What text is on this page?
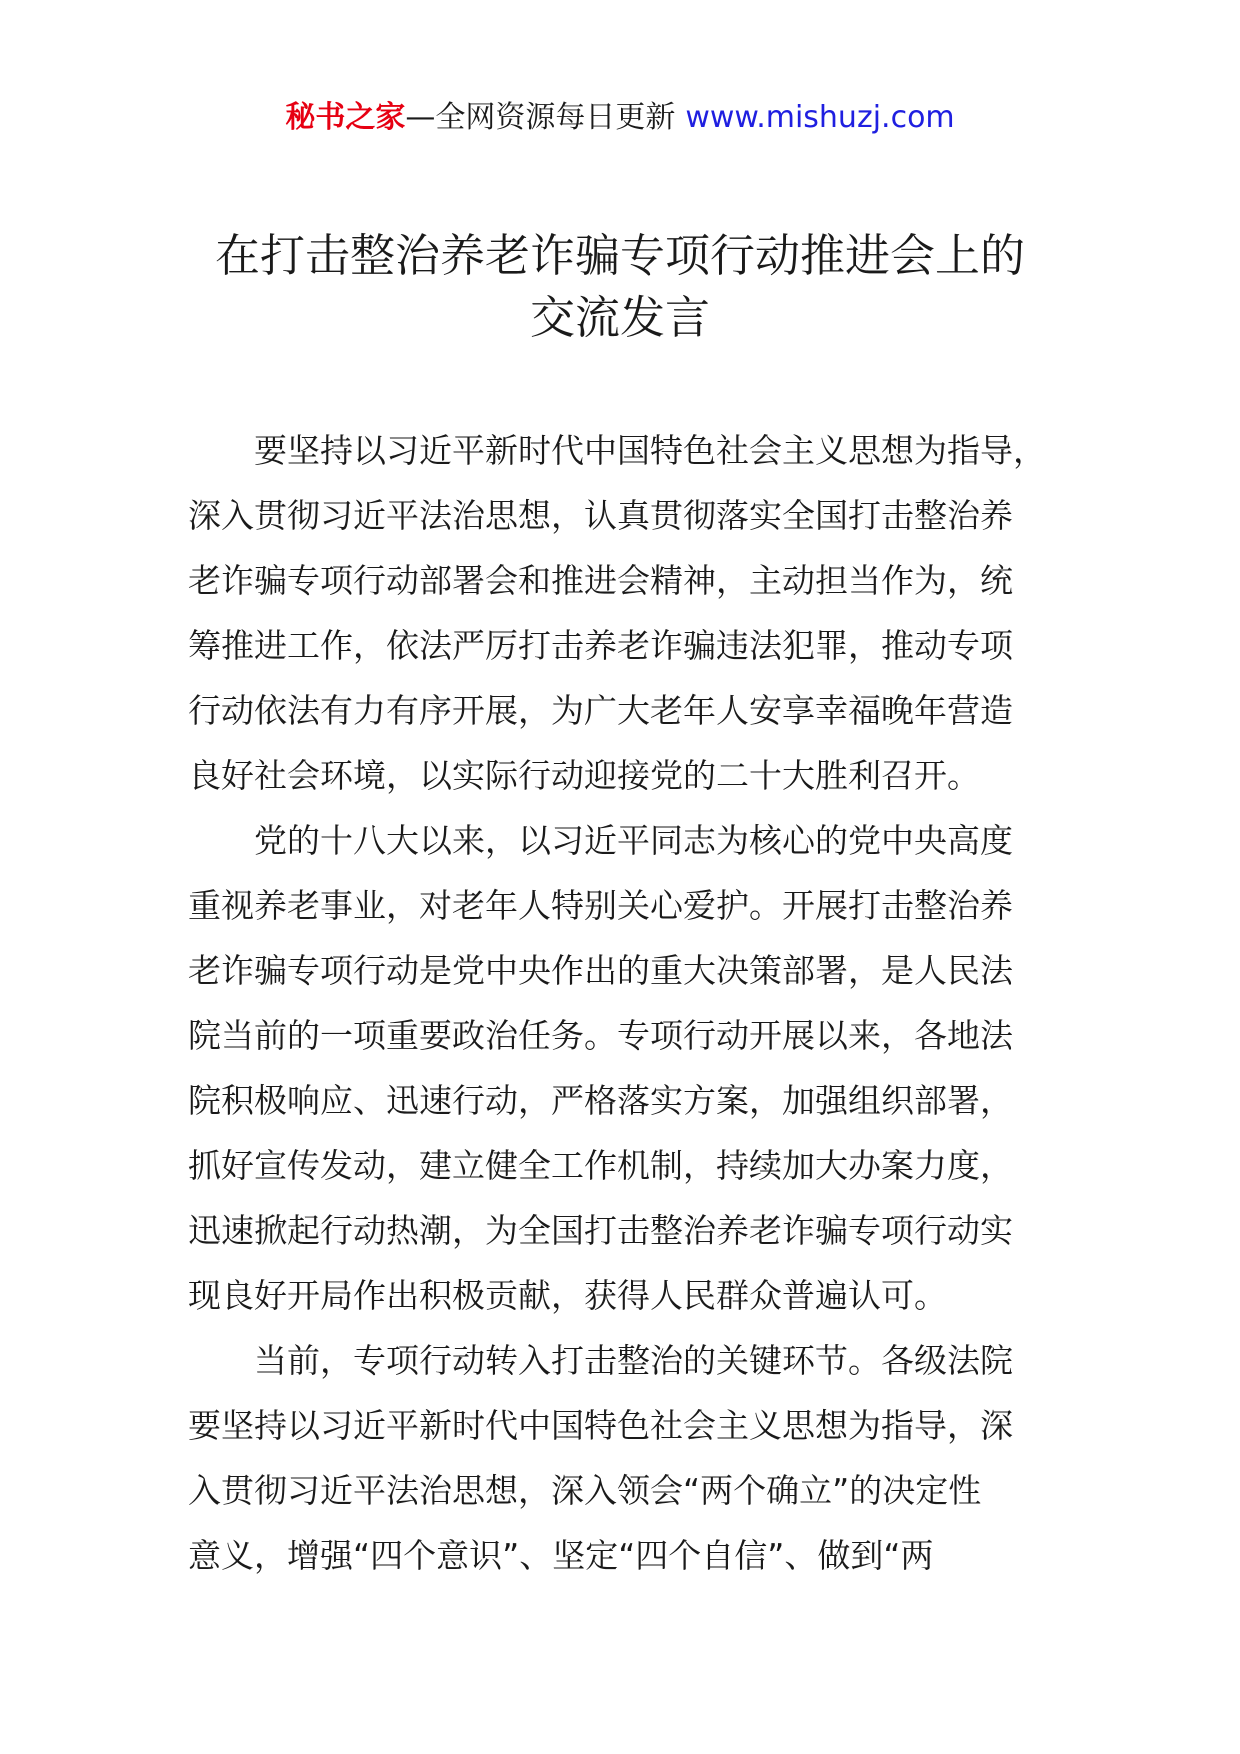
秘书之家—全网资源每日更新 www.mishuzj.com
在打击整治养老诈骗专项行动推进会上的
交流发言
要坚持以习近平新时代中国特色社会主义思想为指导，
深入贯彻习近平法治思想，认真贯彻落实全国打击整治养
老诈骗专项行动部署会和推进会精神，主动担当作为，统
筹推进工作，依法严厉打击养老诈骗违法犯罪，推动专项
行动依法有力有序开展，为广大老年人安享幸福晚年营造
良好社会环境，以实际行动迎接党的二十大胜利召开。
党的十八大以来，以习近平同志为核心的党中央高度
重视养老事业，对老年人特别关心爱护。开展打击整治养
老诈骗专项行动是党中央作出的重大决策部署，是人民法
院当前的一项重要政治任务。专项行动开展以来，各地法
院积极响应、迅速行动，严格落实方案，加强组织部署，
抓好宣传发动，建立健全工作机制，持续加大办案力度，
迅速掀起行动热潮，为全国打击整治养老诈骗专项行动实
现良好开局作出积极贡献，获得人民群众普遍认可。
当前，专项行动转入打击整治的关键环节。各级法院
要坚持以习近平新时代中国特色社会主义思想为指导，深
入贯彻习近平法治思想，深入领会“两个确立”的决定性
意义，增强“四个意识”、坚定“四个自信”、做到“两
